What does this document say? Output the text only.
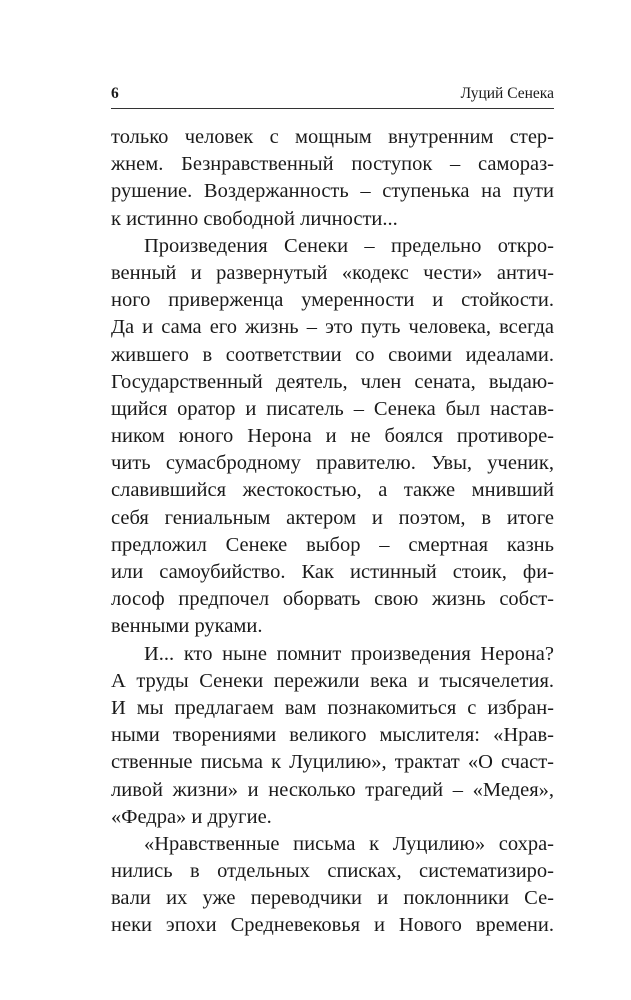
6	Луций Сенека
только человек с мощным внутренним стер-
жнем. Безнравственный поступок – самораз-
рушение. Воздержанность – ступенька на пути
к истинно свободной личности...
Произведения Сенеки – предельно откро-
венный и развернутый «кодекс чести» антич-
ного приверженца умеренности и стойкости.
Да и сама его жизнь – это путь человека, всегда
жившего в соответствии со своими идеалами.
Государственный деятель, член сената, выдаю-
щийся оратор и писатель – Сенека был настав-
ником юного Нерона и не боялся противоре-
чить сумасбродному правителю. Увы, ученик,
славившийся жестокостью, а также мнивший
себя гениальным актером и поэтом, в итоге
предложил Сенеке выбор – смертная казнь
или самоубийство. Как истинный стоик, фи-
лософ предпочел оборвать свою жизнь собст-
венными руками.
И... кто ныне помнит произведения Нерона?
А труды Сенеки пережили века и тысячелетия.
И мы предлагаем вам познакомиться с избран-
ными творениями великого мыслителя: «Нрав-
ственные письма к Луцилию», трактат «О счаст-
ливой жизни» и несколько трагедий – «Медея»,
«Федра» и другие.
«Нравственные письма к Луцилию» сохра-
нились в отдельных списках, систематизиро-
вали их уже переводчики и поклонники Се-
неки эпохи Средневековья и Нового времени.
